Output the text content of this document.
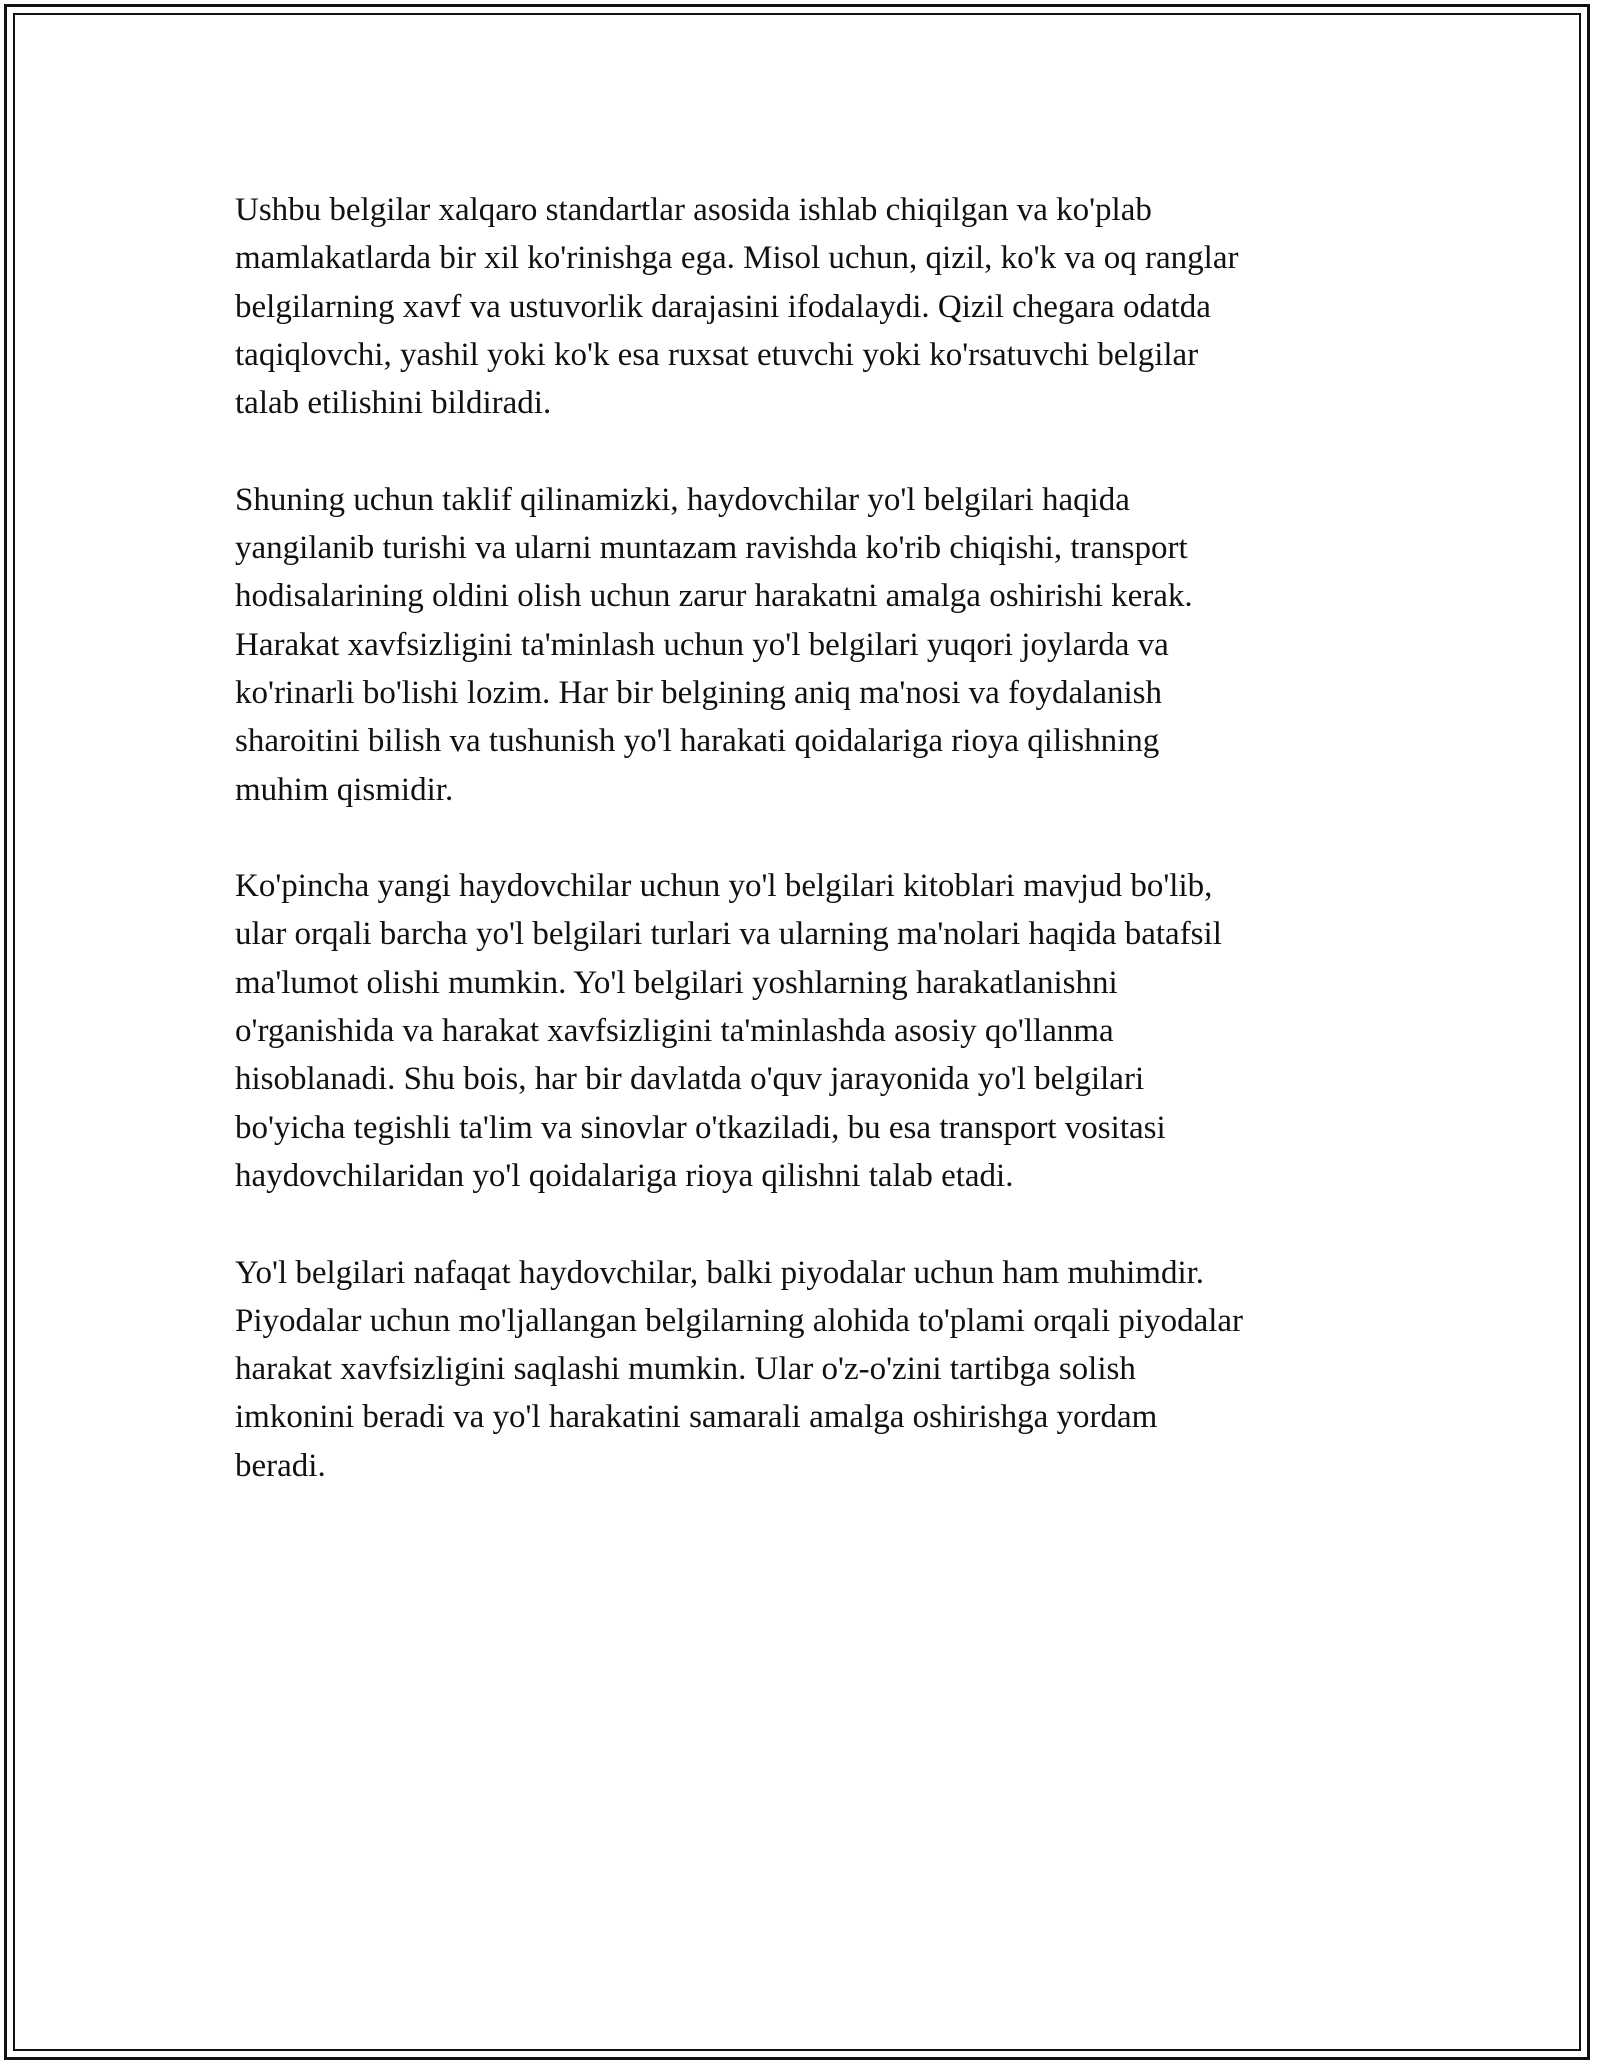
Ushbu belgilar xalqaro standartlar asosida ishlab chiqilgan va ko'plab
mamlakatlarda bir xil ko'rinishga ega. Misol uchun, qizil, ko'k va oq ranglar
belgilarning xavf va ustuvorlik darajasini ifodalaydi. Qizil chegara odatda
taqiqlovchi, yashil yoki ko'k esa ruxsat etuvchi yoki ko'rsatuvchi belgilar
talab etilishini bildiradi.

Shuning uchun taklif qilinamizki, haydovchilar yo'l belgilari haqida
yangilanib turishi va ularni muntazam ravishda ko'rib chiqishi, transport
hodisalarining oldini olish uchun zarur harakatni amalga oshirishi kerak.
Harakat xavfsizligini ta'minlash uchun yo'l belgilari yuqori joylarda va
ko'rinarli bo'lishi lozim. Har bir belgining aniq ma'nosi va foydalanish
sharoitini bilish va tushunish yo'l harakati qoidalariga rioya qilishning
muhim qismidir.

Ko'pincha yangi haydovchilar uchun yo'l belgilari kitoblari mavjud bo'lib,
ular orqali barcha yo'l belgilari turlari va ularning ma'nolari haqida batafsil
ma'lumot olishi mumkin. Yo'l belgilari yoshlarning harakatlanishni
o'rganishida va harakat xavfsizligini ta'minlashda asosiy qo'llanma
hisoblanadi. Shu bois, har bir davlatda o'quv jarayonida yo'l belgilari
bo'yicha tegishli ta'lim va sinovlar o'tkaziladi, bu esa transport vositasi
haydovchilaridan yo'l qoidalariga rioya qilishni talab etadi.

Yo'l belgilari nafaqat haydovchilar, balki piyodalar uchun ham muhimdir.
Piyodalar uchun mo'ljallangan belgilarning alohida to'plami orqali piyodalar
harakat xavfsizligini saqlashi mumkin. Ular o'z-o'zini tartibga solish
imkonini beradi va yo'l harakatini samarali amalga oshirishga yordam
beradi.
